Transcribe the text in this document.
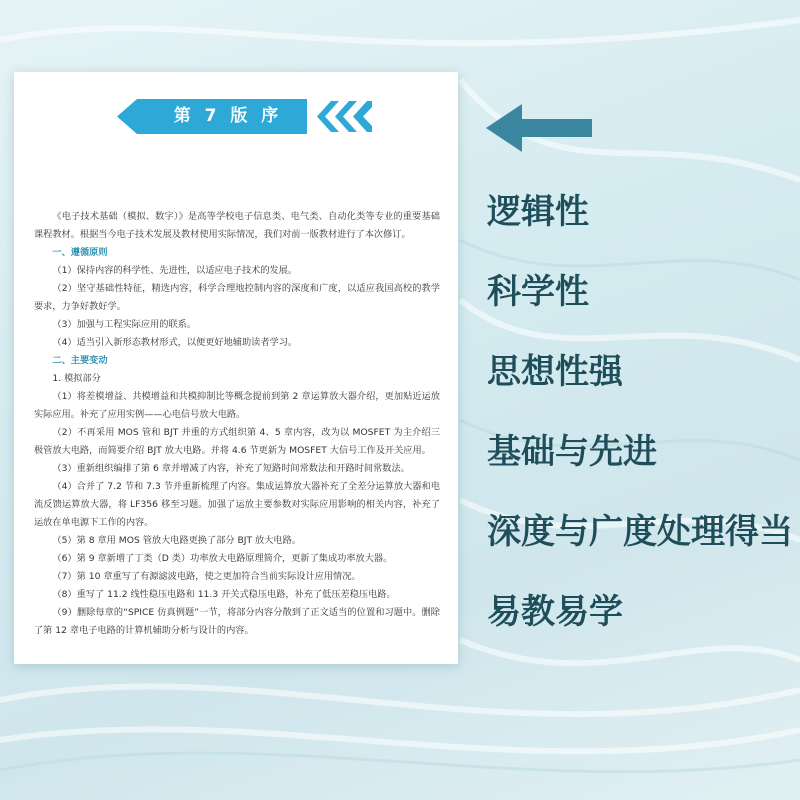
第 7 版 序

《电子技术基础（模拟、数字）》是高等学校电子信息类、电气类、自动化类等专业的重要基础课程教材。根据当今电子技术发展及教材使用实际情况，我们对前一版教材进行了本次修订。

一、遵循原则

（1）保持内容的科学性、先进性，以适应电子技术的发展。

（2）坚守基础性特征，精选内容，科学合理地控制内容的深度和广度，以适应我国高校的教学要求，力争好教好学。

（3）加强与工程实际应用的联系。

（4）适当引入新形态教材形式，以便更好地辅助读者学习。

二、主要变动

1. 模拟部分

（1）将差模增益、共模增益和共模抑制比等概念提前到第 2 章运算放大器介绍，更加贴近运放实际应用。补充了应用实例——心电信号放大电路。

（2）不再采用 MOS 管和 BJT 并重的方式组织第 4、5 章内容，改为以 MOSFET 为主介绍三极管放大电路，而简要介绍 BJT 放大电路。并将 4.6 节更新为 MOSFET 大信号工作及开关应用。

（3）重新组织编排了第 6 章并增减了内容，补充了短路时间常数法和开路时间常数法。

（4）合并了 7.2 节和 7.3 节并重新梳理了内容。集成运算放大器补充了全差分运算放大器和电流反馈运算放大器，将 LF356 移至习题。加强了运放主要参数对实际应用影响的相关内容，补充了运放在单电源下工作的内容。

（5）第 8 章用 MOS 管放大电路更换了部分 BJT 放大电路。

（6）第 9 章新增了丁类（D 类）功率放大电路原理简介，更新了集成功率放大器。

（7）第 10 章重写了有源滤波电路，使之更加符合当前实际设计应用情况。

（8）重写了 11.2 线性稳压电路和 11.3 开关式稳压电路，补充了低压差稳压电路。

（9）删除每章的“SPICE 仿真例题”一节，将部分内容分散到了正文适当的位置和习题中。删除了第 12 章电子电路的计算机辅助分析与设计的内容。

逻辑性
科学性
思想性强
基础与先进
深度与广度处理得当
易教易学
